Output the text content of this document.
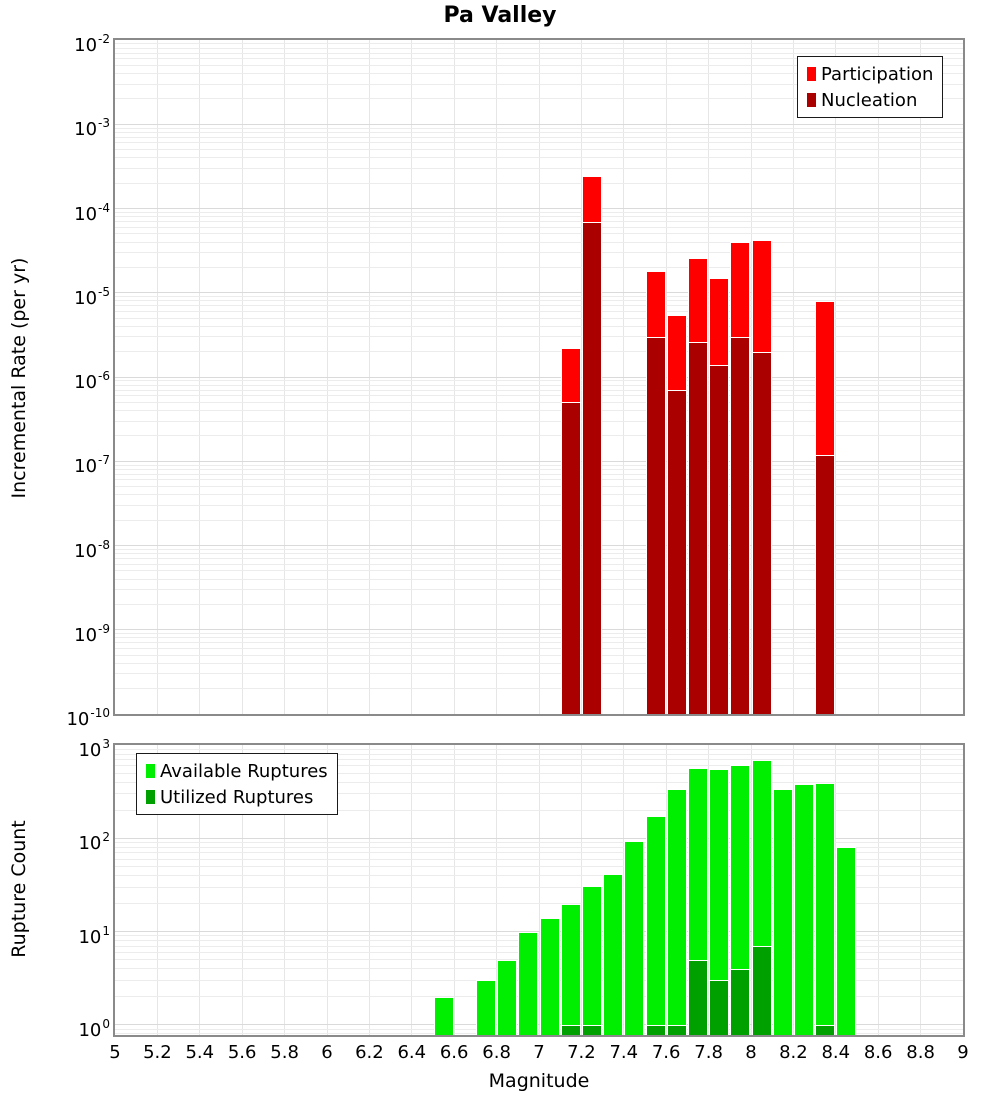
Pa Valley
Participation
Nucleation
Available Ruptures
Utilized Ruptures
$10^{-2}$
$10^{-3}$
$10^{-4}$
$10^{-5}$
$10^{-6}$
$10^{-7}$
$10^{-8}$
$10^{-9}$
$10^{-10}$
$10^3$
$10^2$
$10^1$
$10^0$
5	5.2 5.4 5.6 5.8	6	6.2 6.4 6.6 6.8	7	7.2 7.4 7.6 7.8	8	8.2 8.4 8.6 8.8	9
Incremental Rate (per yr)
Rupture Count
Magnitude
